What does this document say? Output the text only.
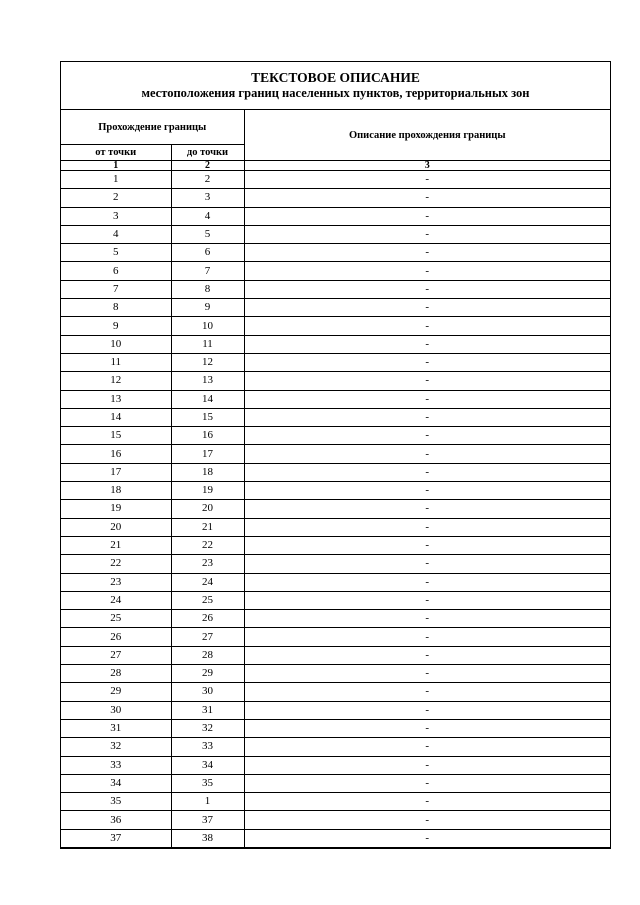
ТЕКСТОВОЕ ОПИСАНИЕ
местоположения границ населенных пунктов, территориальных зон
Прохождение границы		Описание прохождения границы
от точки	до точки	
1	2	3
1	2	-
2	3	-
3	4	-
4	5	-
5	6	-
6	7	-
7	8	-
8	9	-
9	10	-
10	11	-
11	12	-
12	13	-
13	14	-
14	15	-
15	16	-
16	17	-
17	18	-
18	19	-
19	20	-
20	21	-
21	22	-
22	23	-
23	24	-
24	25	-
25	26	-
26	27	-
27	28	-
28	29	-
29	30	-
30	31	-
31	32	-
32	33	-
33	34	-
34	35	-
35	1	-
36	37	-
37	38	-
